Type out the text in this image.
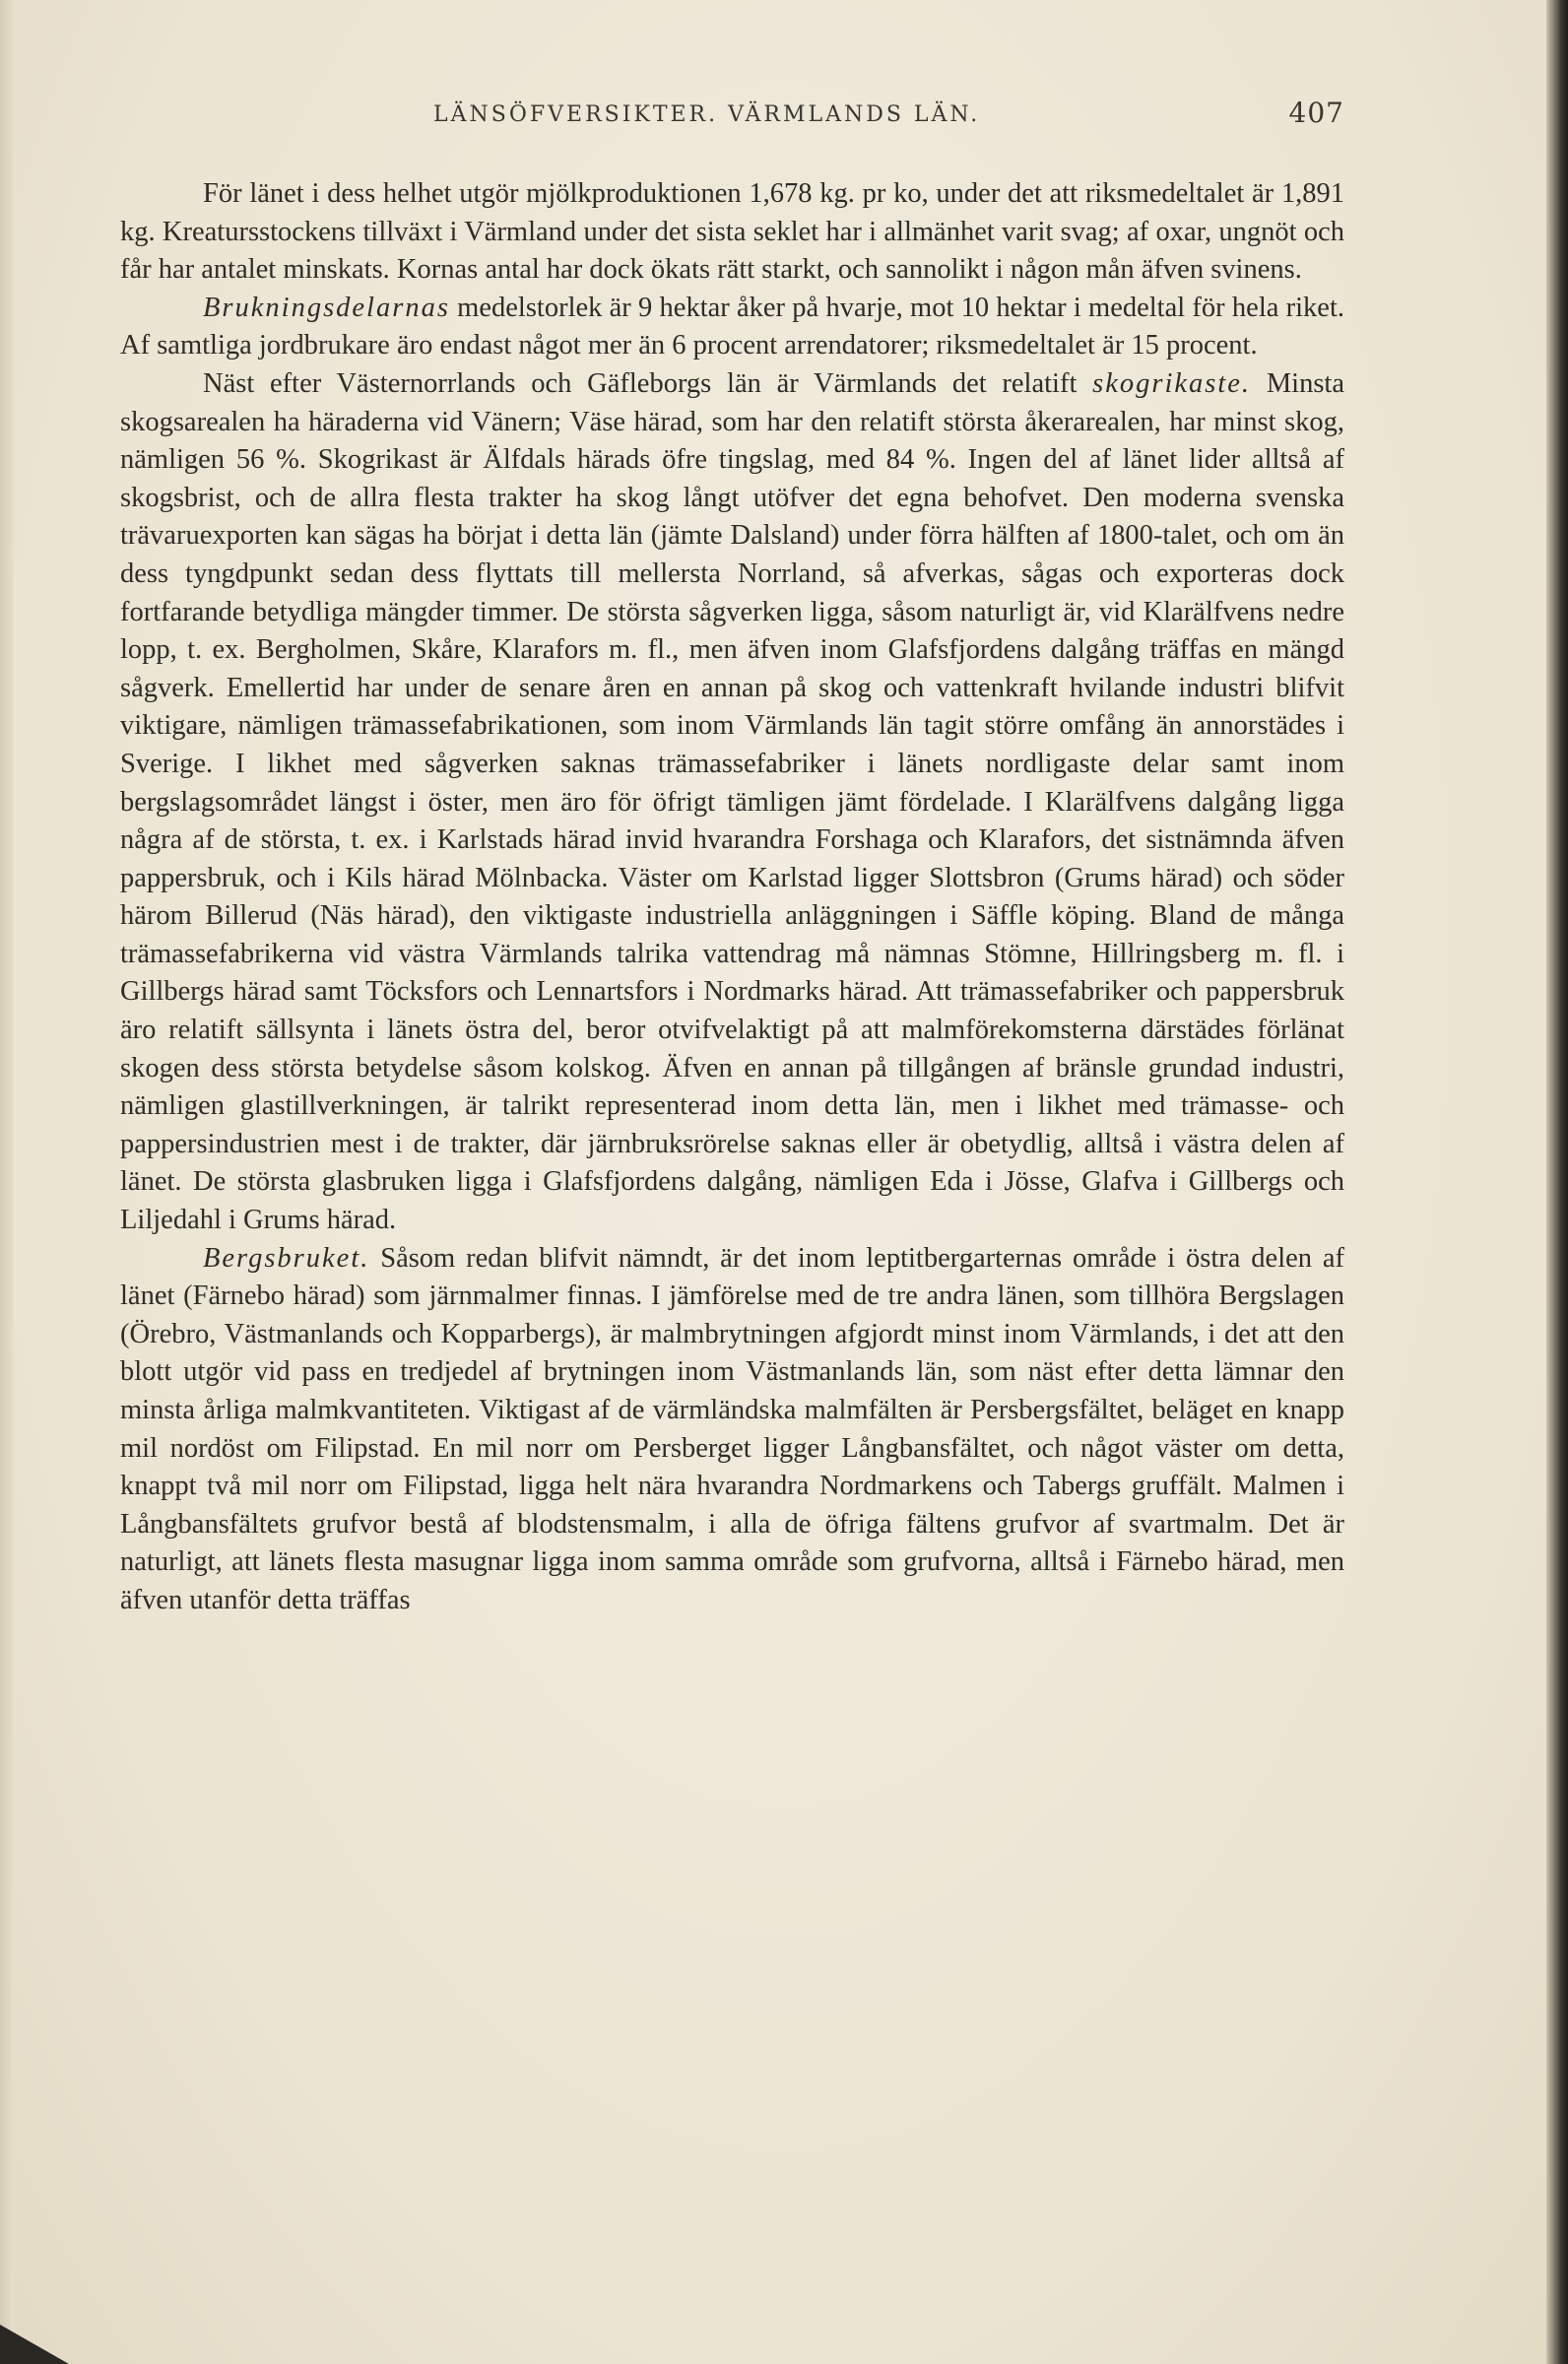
LÄNSÖFVERSIKTER. VÄRMLANDS LÄN.	407

För länet i dess helhet utgör mjölkproduktionen 1,678 kg. pr ko, under det att riksmedeltalet är 1,891 kg. Kreatursstockens tillväxt i Värmland under det sista seklet har i allmänhet varit svag; af oxar, ungnöt och får har antalet minskats. Kornas antal har dock ökats rätt starkt, och sannolikt i någon mån äfven svinens.

Brukningsdelarnas medelstorlek är 9 hektar åker på hvarje, mot 10 hektar i medeltal för hela riket. Af samtliga jordbrukare äro endast något mer än 6 procent arrendatorer; riksmedeltalet är 15 procent.

Näst efter Västernorrlands och Gäfleborgs län är Värmlands det relatift skogrikaste. Minsta skogsarealen ha häraderna vid Vänern; Väse härad, som har den relatift största åkerarealen, har minst skog, nämligen 56 %. Skogrikast är Älfdals härads öfre tingslag, med 84 %. Ingen del af länet lider alltså af skogsbrist, och de allra flesta trakter ha skog långt utöfver det egna behofvet. Den moderna svenska trävaruexporten kan sägas ha börjat i detta län (jämte Dalsland) under förra hälften af 1800-talet, och om än dess tyngdpunkt sedan dess flyttats till mellersta Norrland, så afverkas, sågas och exporteras dock fortfarande betydliga mängder timmer. De största sågverken ligga, såsom naturligt är, vid Klarälfvens nedre lopp, t. ex. Bergholmen, Skåre, Klarafors m. fl., men äfven inom Glafsfjordens dalgång träffas en mängd sågverk. Emellertid har under de senare åren en annan på skog och vattenkraft hvilande industri blifvit viktigare, nämligen trämassefabrikationen, som inom Värmlands län tagit större omfång än annorstädes i Sverige. I likhet med sågverken saknas trämassefabriker i länets nordligaste delar samt inom bergslagsområdet längst i öster, men äro för öfrigt tämligen jämt fördelade. I Klarälfvens dalgång ligga några af de största, t. ex. i Karlstads härad invid hvarandra Forshaga och Klarafors, det sistnämnda äfven pappersbruk, och i Kils härad Mölnbacka. Väster om Karlstad ligger Slottsbron (Grums härad) och söder härom Billerud (Näs härad), den viktigaste industriella anläggningen i Säffle köping. Bland de många trämassefabrikerna vid västra Värmlands talrika vattendrag må nämnas Stömne, Hillringsberg m. fl. i Gillbergs härad samt Töcksfors och Lennartsfors i Nordmarks härad. Att trämassefabriker och pappersbruk äro relatift sällsynta i länets östra del, beror otvifvelaktigt på att malmförekomsterna därstädes förlänat skogen dess största betydelse såsom kolskog. Äfven en annan på tillgången af bränsle grundad industri, nämligen glastillverkningen, är talrikt representerad inom detta län, men i likhet med trämasse- och pappersindustrien mest i de trakter, där järnbruksrörelse saknas eller är obetydlig, alltså i västra delen af länet. De största glasbruken ligga i Glafsfjordens dalgång, nämligen Eda i Jösse, Glafva i Gillbergs och Liljedahl i Grums härad.

Bergsbruket. Såsom redan blifvit nämndt, är det inom leptitbergarternas område i östra delen af länet (Färnebo härad) som järnmalmer finnas. I jämförelse med de tre andra länen, som tillhöra Bergslagen (Örebro, Västmanlands och Kopparbergs), är malmbrytningen afgjordt minst inom Värmlands, i det att den blott utgör vid pass en tredjedel af brytningen inom Västmanlands län, som näst efter detta lämnar den minsta årliga malmkvantiteten. Viktigast af de värmländska malmfälten är Persbergsfältet, beläget en knapp mil nordöst om Filipstad. En mil norr om Persberget ligger Långbansfältet, och något väster om detta, knappt två mil norr om Filipstad, ligga helt nära hvarandra Nordmarkens och Tabergs gruffält. Malmen i Långbansfältets grufvor bestå af blodstensmalm, i alla de öfriga fältens grufvor af svartmalm. Det är naturligt, att länets flesta masugnar ligga inom samma område som grufvorna, alltså i Färnebo härad, men äfven utanför detta träffas
